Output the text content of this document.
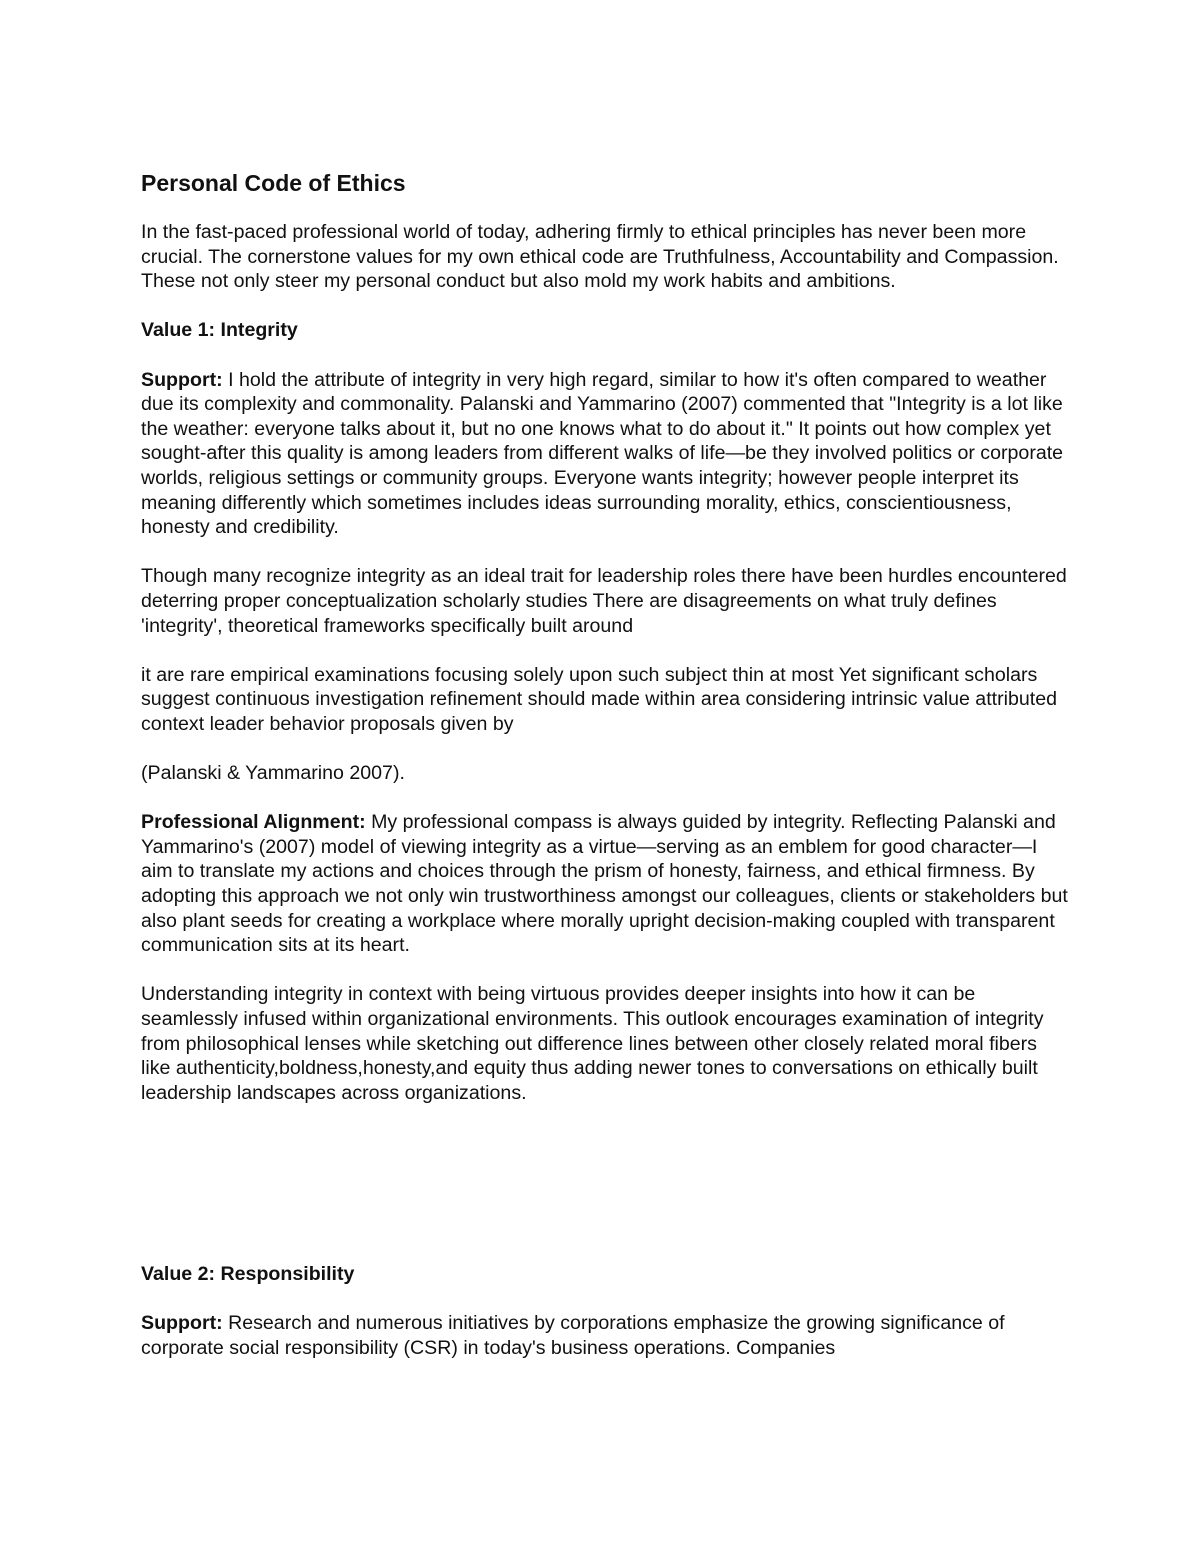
Personal Code of Ethics

In the fast-paced professional world of today, adhering firmly to ethical principles has never been more crucial. The cornerstone values for my own ethical code are Truthfulness, Accountability and Compassion. These not only steer my personal conduct but also mold my work habits and ambitions.

Value 1: Integrity

Support: I hold the attribute of integrity in very high regard, similar to how it's often compared to weather due its complexity and commonality. Palanski and Yammarino (2007) commented that "Integrity is a lot like the weather: everyone talks about it, but no one knows what to do about it." It points out how complex yet sought-after this quality is among leaders from different walks of life—be they involved politics or corporate worlds, religious settings or community groups. Everyone wants integrity; however people interpret its meaning differently which sometimes includes ideas surrounding morality, ethics, conscientiousness, honesty and credibility.

Though many recognize integrity as an ideal trait for leadership roles there have been hurdles encountered deterring proper conceptualization scholarly studies There are disagreements on what truly defines 'integrity', theoretical frameworks specifically built around

it are rare empirical examinations focusing solely upon such subject thin at most Yet significant scholars suggest continuous investigation refinement should made within area considering intrinsic value attributed context leader behavior proposals given by

(Palanski & Yammarino 2007).

Professional Alignment: My professional compass is always guided by integrity. Reflecting Palanski and Yammarino's (2007) model of viewing integrity as a virtue—serving as an emblem for good character—I aim to translate my actions and choices through the prism of honesty, fairness, and ethical firmness. By adopting this approach we not only win trustworthiness amongst our colleagues, clients or stakeholders but also plant seeds for creating a workplace where morally upright decision-making coupled with transparent communication sits at its heart.

Understanding integrity in context with being virtuous provides deeper insights into how it can be seamlessly infused within organizational environments. This outlook encourages examination of integrity from philosophical lenses while sketching out difference lines between other closely related moral fibers like authenticity,boldness,honesty,and equity thus adding newer tones to conversations on ethically built leadership landscapes across organizations.

Value 2: Responsibility

Support: Research and numerous initiatives by corporations emphasize the growing significance of corporate social responsibility (CSR) in today's business operations. Companies
